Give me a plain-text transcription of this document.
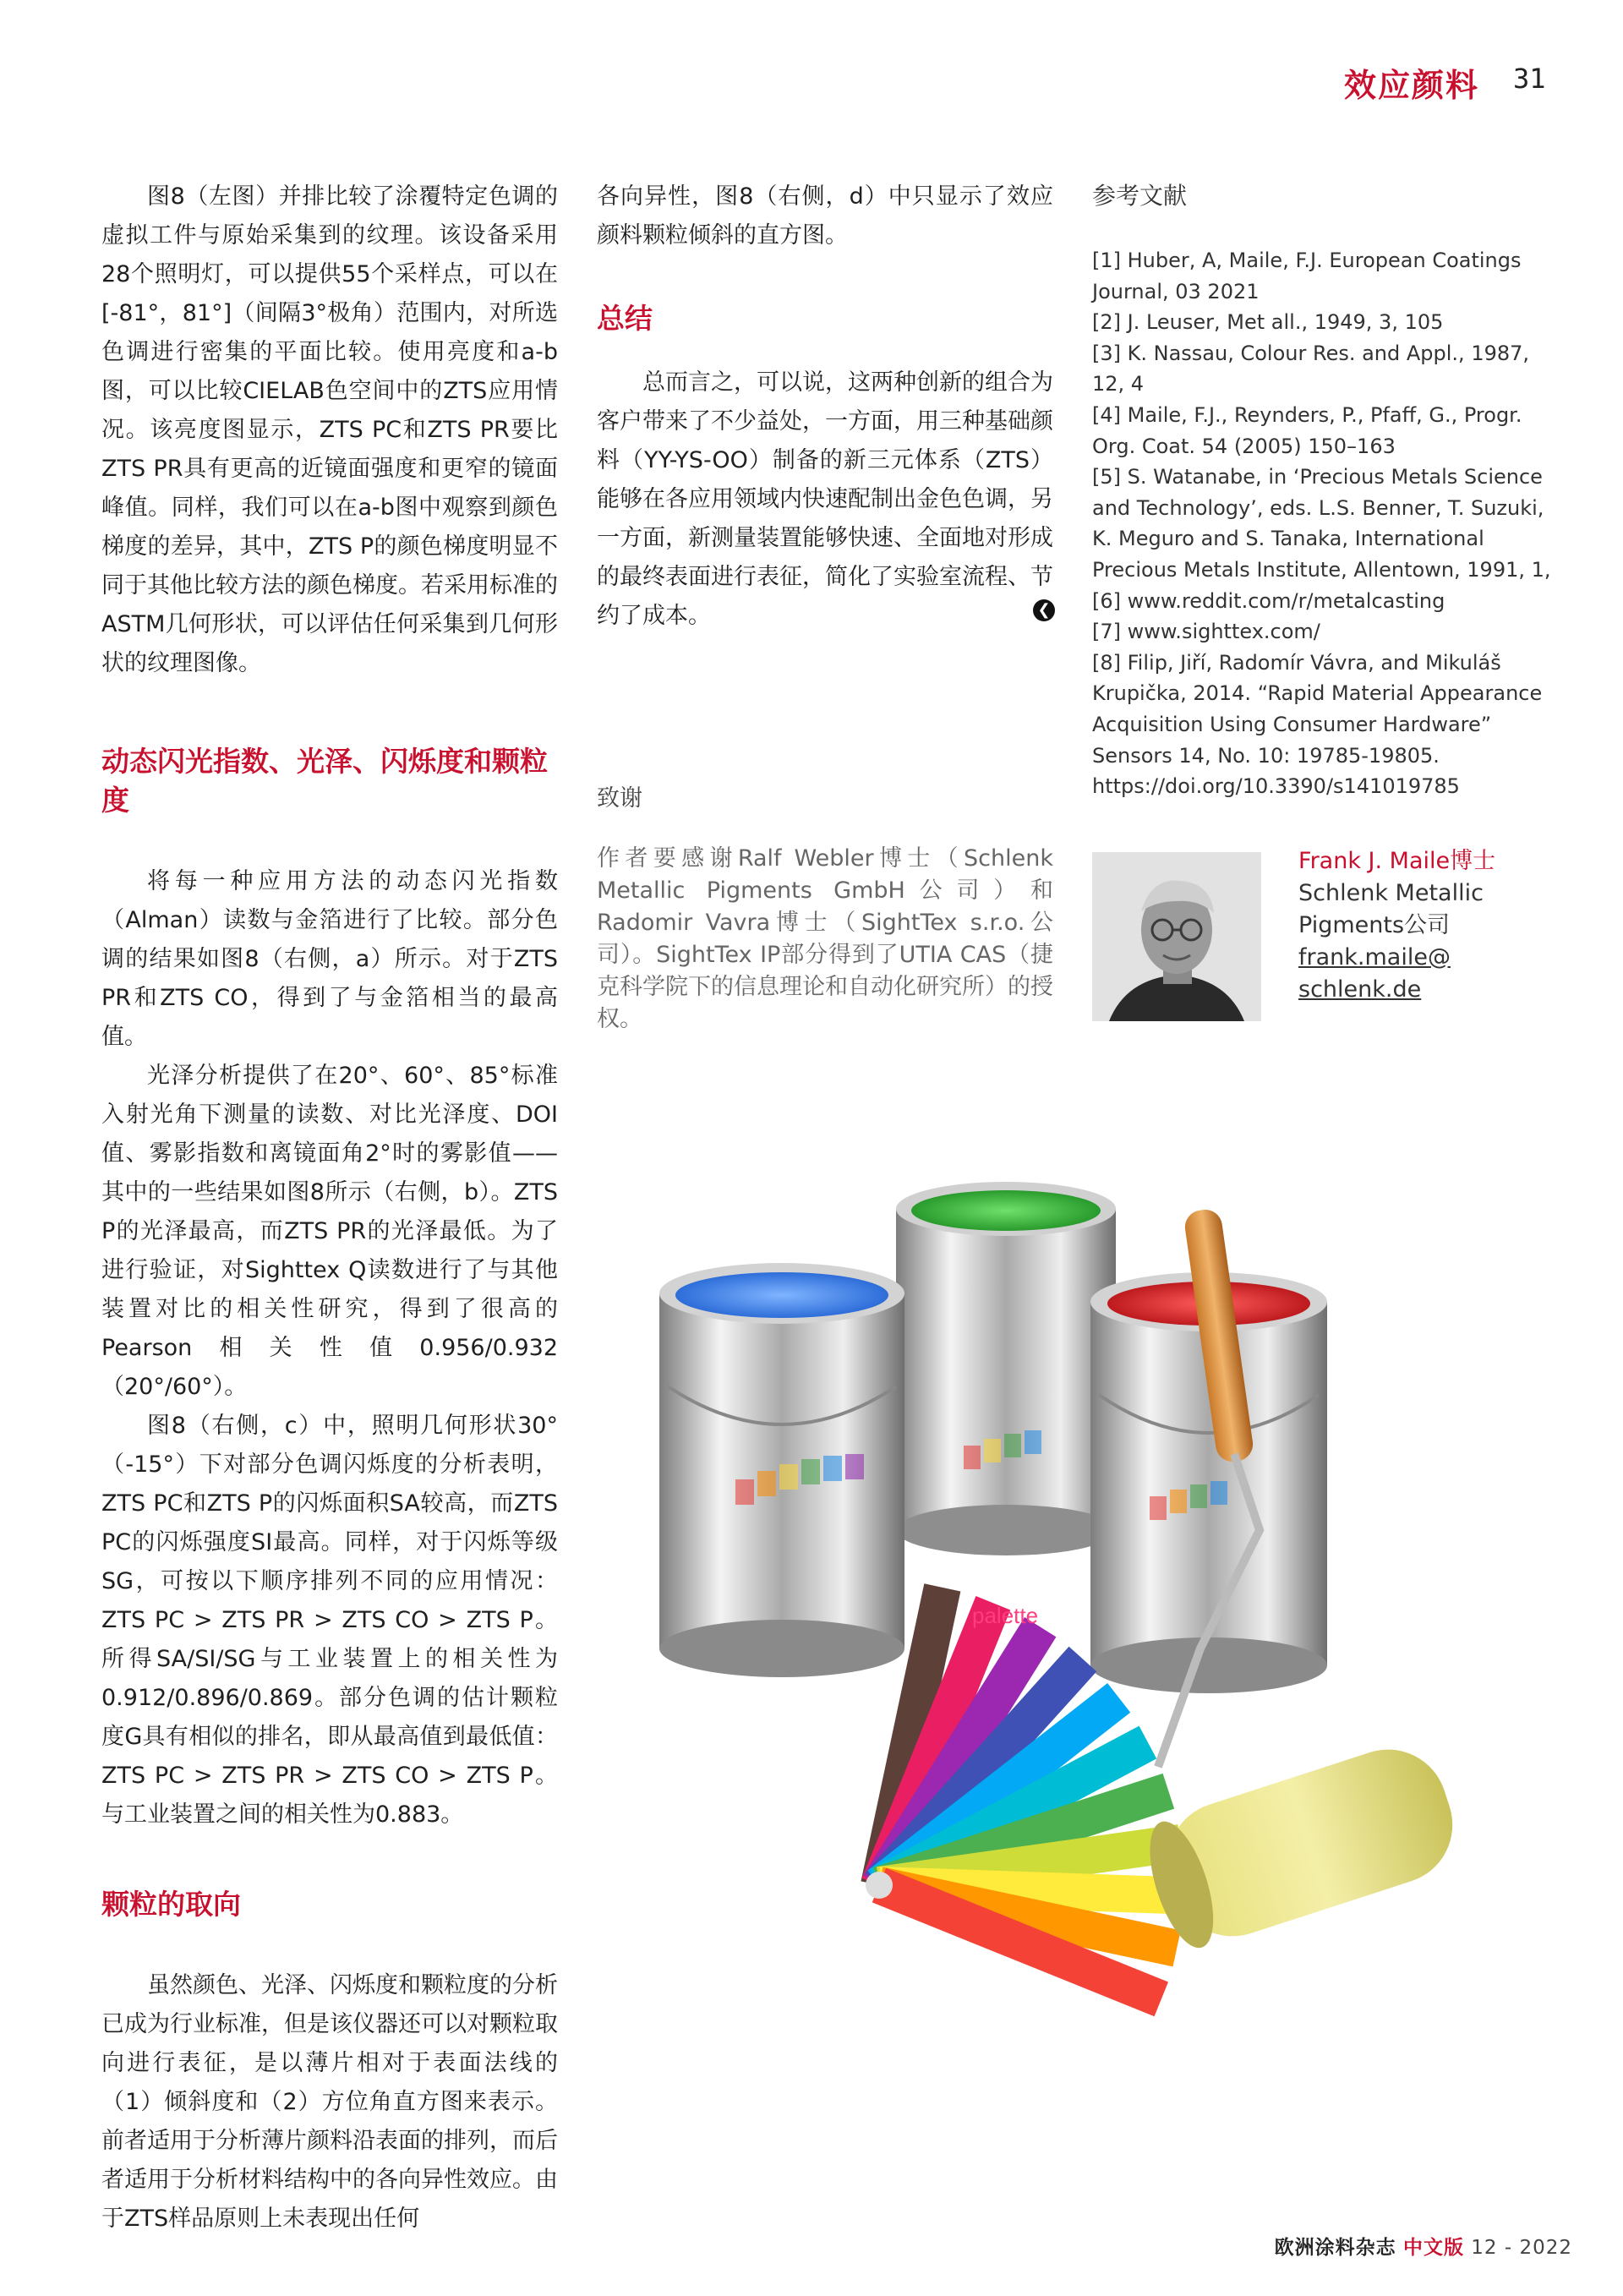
效应颜料 31

图8（左图）并排比较了涂覆特定色调的虚拟工件与原始采集到的纹理。该设备采用28个照明灯，可以提供55个采样点，可以在[-81°，81°]（间隔3°极角）范围内，对所选色调进行密集的平面比较。使用亮度和a-b图，可以比较CIELAB色空间中的ZTS应用情况。该亮度图显示，ZTS PC和ZTS PR要比ZTS PR具有更高的近镜面强度和更窄的镜面峰值。同样，我们可以在a-b图中观察到颜色梯度的差异，其中，ZTS P的颜色梯度明显不同于其他比较方法的颜色梯度。若采用标准的ASTM几何形状，可以评估任何采集到几何形状的纹理图像。

动态闪光指数、光泽、闪烁度和颗粒度

将每一种应用方法的动态闪光指数（Alman）读数与金箔进行了比较。部分色调的结果如图8（右侧，a）所示。对于ZTS PR和ZTS CO，得到了与金箔相当的最高值。

光泽分析提供了在20°、60°、85°标准入射光角下测量的读数、对比光泽度、DOI值、雾影指数和离镜面角2°时的雾影值——其中的一些结果如图8所示（右侧，b）。ZTS P的光泽最高，而ZTS PR的光泽最低。为了进行验证，对Sighttex Q读数进行了与其他装置对比的相关性研究，得到了很高的Pearson相关性值0.956/0.932（20°/60°）。

图8（右侧，c）中，照明几何形状30°（-15°）下对部分色调闪烁度的分析表明，ZTS PC和ZTS P的闪烁面积SA较高，而ZTS PC的闪烁强度SI最高。同样，对于闪烁等级SG，可按以下顺序排列不同的应用情况：ZTS PC > ZTS PR > ZTS CO > ZTS P。所得SA/SI/SG与工业装置上的相关性为0.912/0.896/0.869。部分色调的估计颗粒度G具有相似的排名，即从最高值到最低值：ZTS PC > ZTS PR > ZTS CO > ZTS P。与工业装置之间的相关性为0.883。

颗粒的取向

虽然颜色、光泽、闪烁度和颗粒度的分析已成为行业标准，但是该仪器还可以对颗粒取向进行表征，是以薄片相对于表面法线的（1）倾斜度和（2）方位角直方图来表示。前者适用于分析薄片颜料沿表面的排列，而后者适用于分析材料结构中的各向异性效应。由于ZTS样品原则上未表现出任何

各向异性，图8（右侧，d）中只显示了效应颜料颗粒倾斜的直方图。

总结

总而言之，可以说，这两种创新的组合为客户带来了不少益处，一方面，用三种基础颜料（YY-YS-OO）制备的新三元体系（ZTS）能够在各应用领域内快速配制出金色色调，另一方面，新测量装置能够快速、全面地对形成的最终表面进行表征，简化了实验室流程、节约了成本。

致谢

作者要感谢Ralf Webler博士（Schlenk Metallic Pigments GmbH公司）和Radomir Vavra博士（SightTex s.r.o.公司）。SightTex IP部分得到了UTIA CAS（捷克科学院下的信息理论和自动化研究所）的授权。

❮
参考文献

[1] Huber, A, Maile, F.J. European Coatings Journal, 03 2021

[2] J. Leuser, Met all., 1949, 3, 105

[3] K. Nassau, Colour Res. and Appl., 1987, 12, 4

[4] Maile, F.J., Reynders, P., Pfaff, G., Progr. Org. Coat. 54 (2005) 150–163

[5] S. Watanabe, in ‘Precious Metals Science and Technology’, eds. L.S. Benner, T. Suzuki, K. Meguro and S. Tanaka, International Precious Metals Institute, Allentown, 1991, 1,

[6] www.reddit.com/r/metalcasting

[7] www.sighttex.com/

[8] Filip, Jiří, Radomír Vávra, and Mikuláš Krupička, 2014. “Rapid Material Appearance Acquisition Using Consumer Hardware” Sensors 14, No. 10: 19785-19805. https://doi.org/10.3390/s141019785

Frank J. Maile博士
Schlenk Metallic
Pigments公司
frank.maile@
schlenk.de
palette
欧洲涂料杂志 中文版 12 - 2022
